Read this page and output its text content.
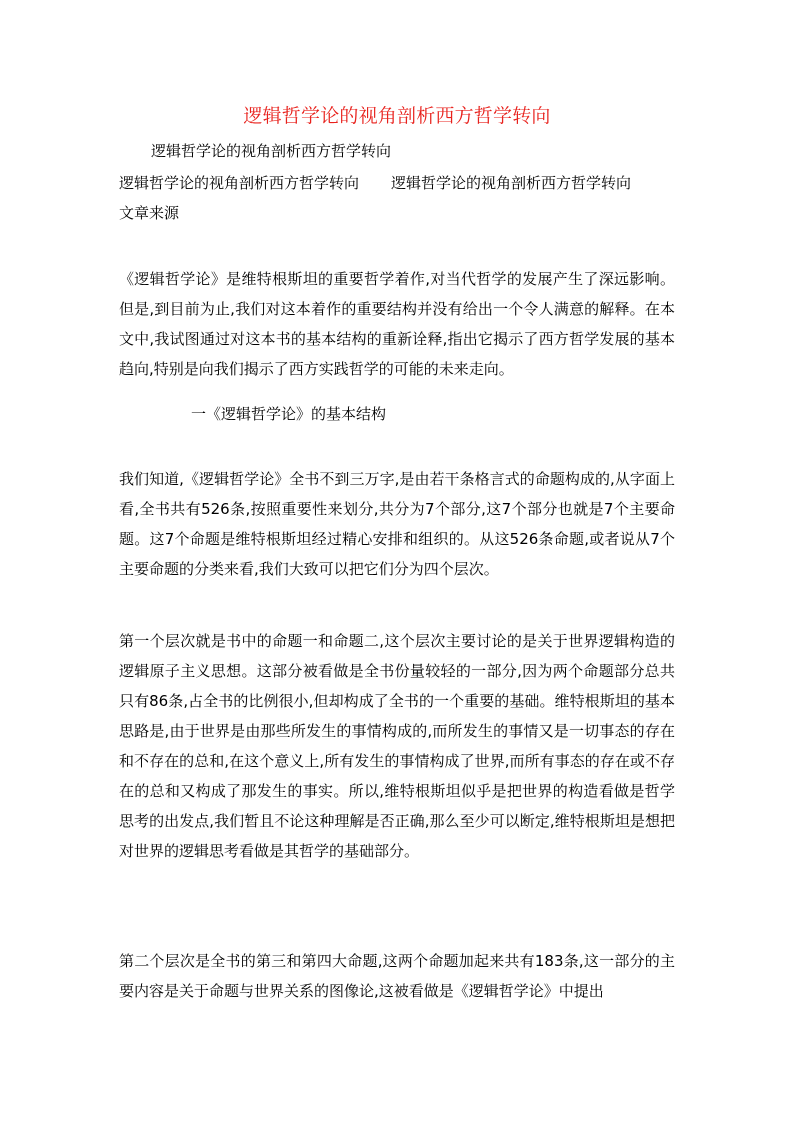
逻辑哲学论的视角剖析西方哲学转向
逻辑哲学论的视角剖析西方哲学转向
逻辑哲学论的视角剖析西方哲学转向 逻辑哲学论的视角剖析西方哲学转向
文章来源
《逻辑哲学论》是维特根斯坦的重要哲学着作,对当代哲学的发展产生了深远影响。但是,到目前为止,我们对这本着作的重要结构并没有给出一个令人满意的解释。在本文中,我试图通过对这本书的基本结构的重新诠释,指出它揭示了西方哲学发展的基本趋向,特别是向我们揭示了西方实践哲学的可能的未来走向。
一《逻辑哲学论》的基本结构
我们知道,《逻辑哲学论》全书不到三万字,是由若干条格言式的命题构成的,从字面上看,全书共有526条,按照重要性来划分,共分为7个部分,这7个部分也就是7个主要命题。这7个命题是维特根斯坦经过精心安排和组织的。从这526条命题,或者说从7个主要命题的分类来看,我们大致可以把它们分为四个层次。
第一个层次就是书中的命题一和命题二,这个层次主要讨论的是关于世界逻辑构造的逻辑原子主义思想。这部分被看做是全书份量较轻的一部分,因为两个命题部分总共只有86条,占全书的比例很小,但却构成了全书的一个重要的基础。维特根斯坦的基本思路是,由于世界是由那些所发生的事情构成的,而所发生的事情又是一切事态的存在和不存在的总和,在这个意义上,所有发生的事情构成了世界,而所有事态的存在或不存在的总和又构成了那发生的事实。所以,维特根斯坦似乎是把世界的构造看做是哲学思考的出发点,我们暂且不论这种理解是否正确,那么至少可以断定,维特根斯坦是想把对世界的逻辑思考看做是其哲学的基础部分。
第二个层次是全书的第三和第四大命题,这两个命题加起来共有183条,这一部分的主要内容是关于命题与世界关系的图像论,这被看做是《逻辑哲学论》中提出
